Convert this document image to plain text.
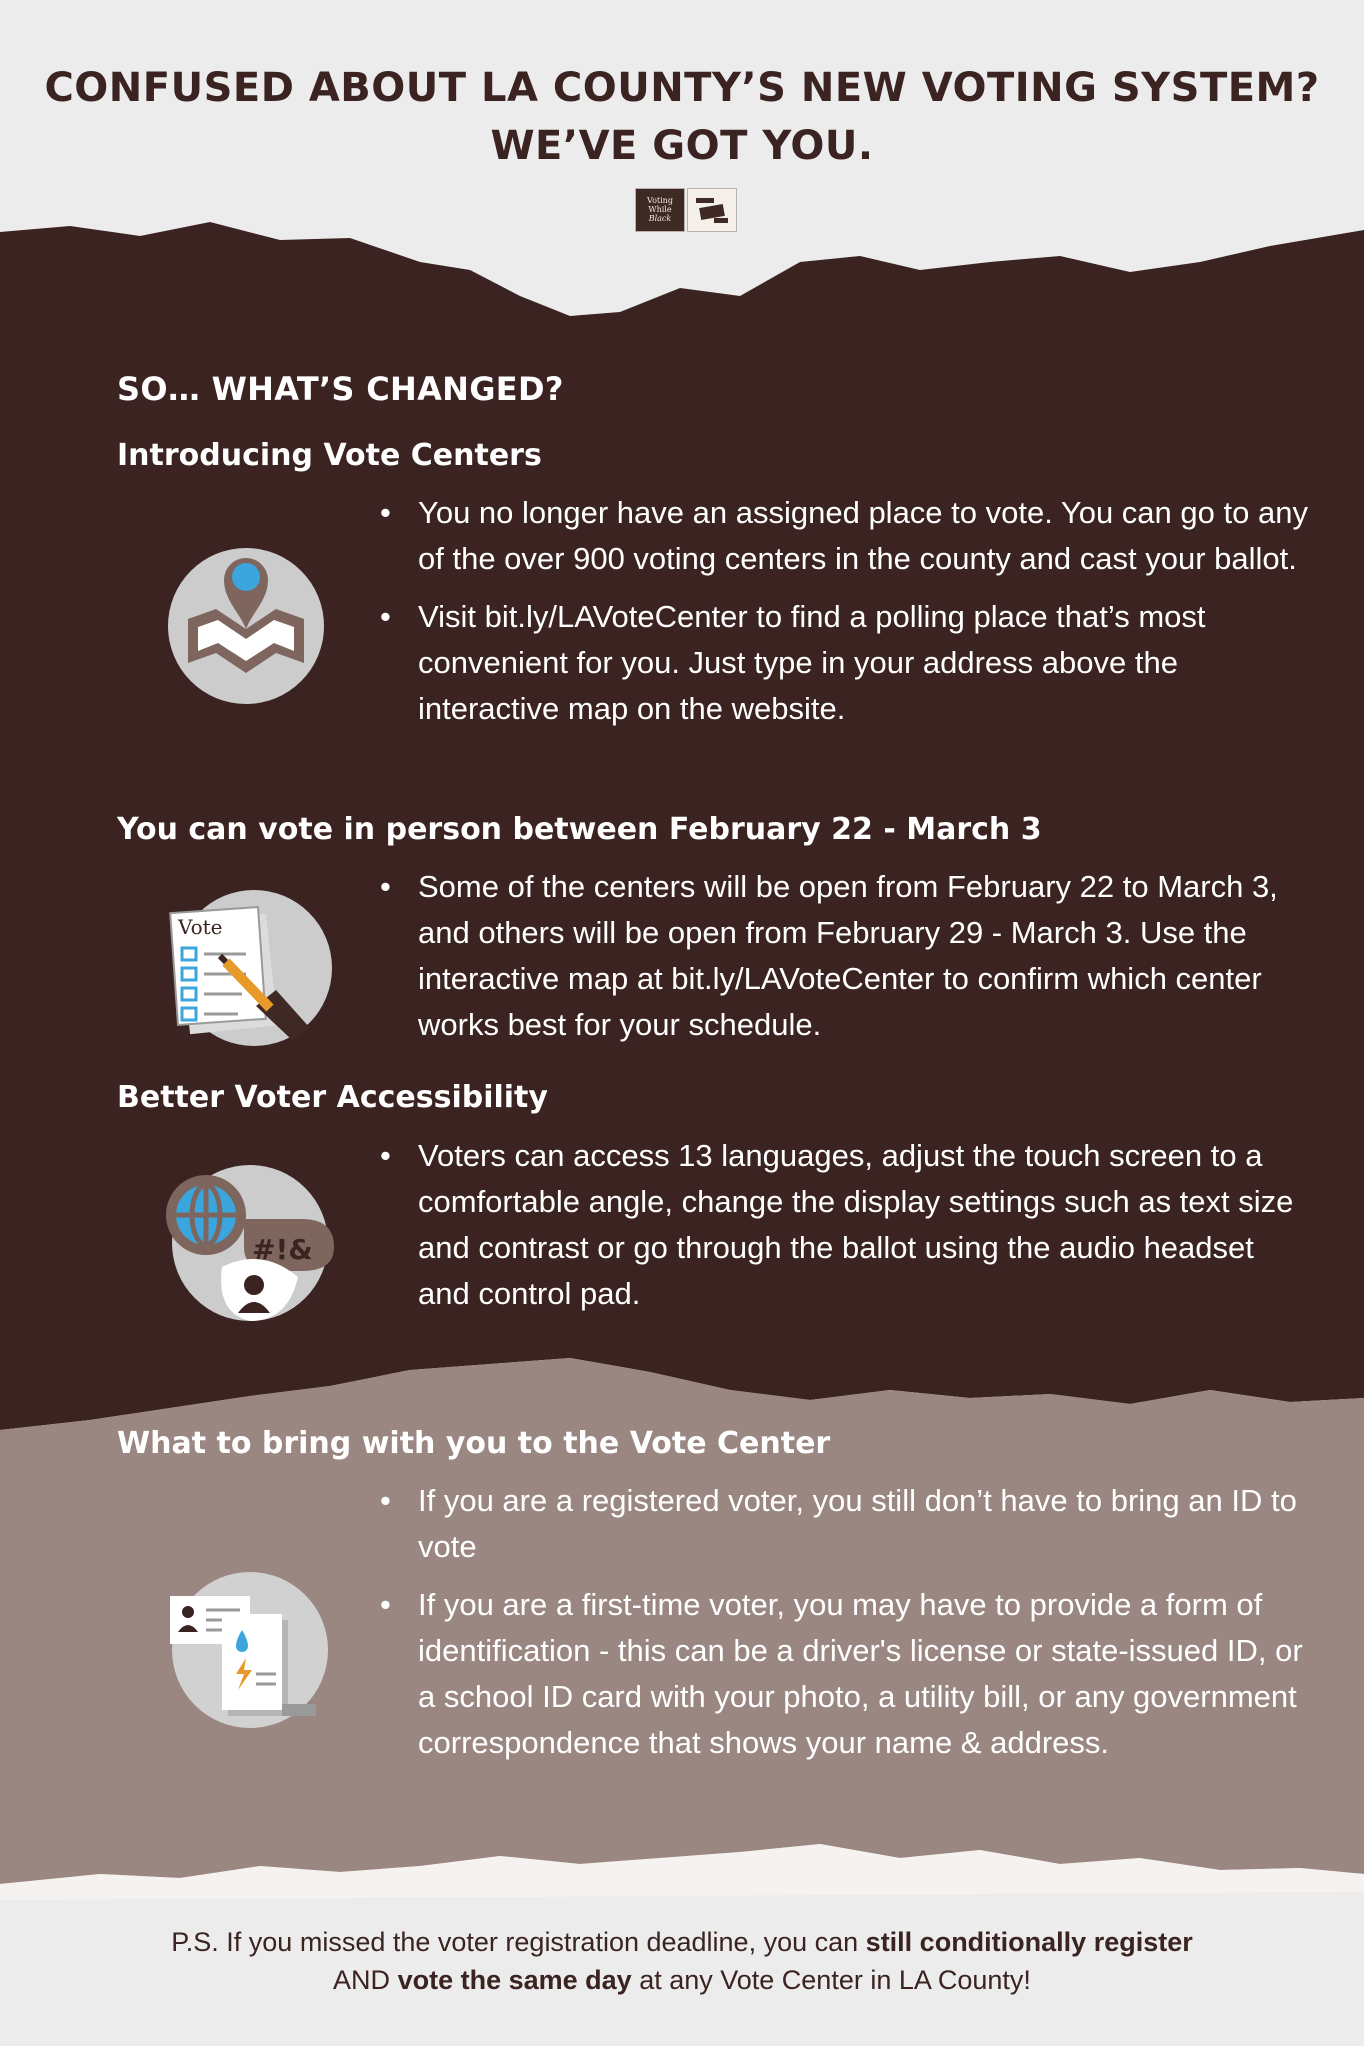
CONFUSED ABOUT LA COUNTY’S NEW VOTING SYSTEM?
WE’VE GOT YOU.
Voting
While
Black
SO… WHAT’S CHANGED?
Introducing Vote Centers
• You no longer have an assigned place to vote. You can go to any of the over 900 voting centers in the county and cast your ballot.
• Visit bit.ly/LAVoteCenter to find a polling place that’s most convenient for you. Just type in your address above the interactive map on the website.
You can vote in person between February 22 - March 3
Vote
• Some of the centers will be open from February 22 to March 3, and others will be open from February 29 - March 3. Use the interactive map at bit.ly/LAVoteCenter to confirm which center works best for your schedule.
Better Voter Accessibility
#!&
• Voters can access 13 languages, adjust the touch screen to a comfortable angle, change the display settings such as text size and contrast or go through the ballot using the audio headset and control pad.
What to bring with you to the Vote Center
• If you are a registered voter, you still don’t have to bring an ID to vote
• If you are a first-time voter, you may have to provide a form of identification - this can be a driver's license or state-issued ID, or a school ID card with your photo, a utility bill, or any government correspondence that shows your name & address.
P.S. If you missed the voter registration deadline, you can still conditionally register AND vote the same day at any Vote Center in LA County!
